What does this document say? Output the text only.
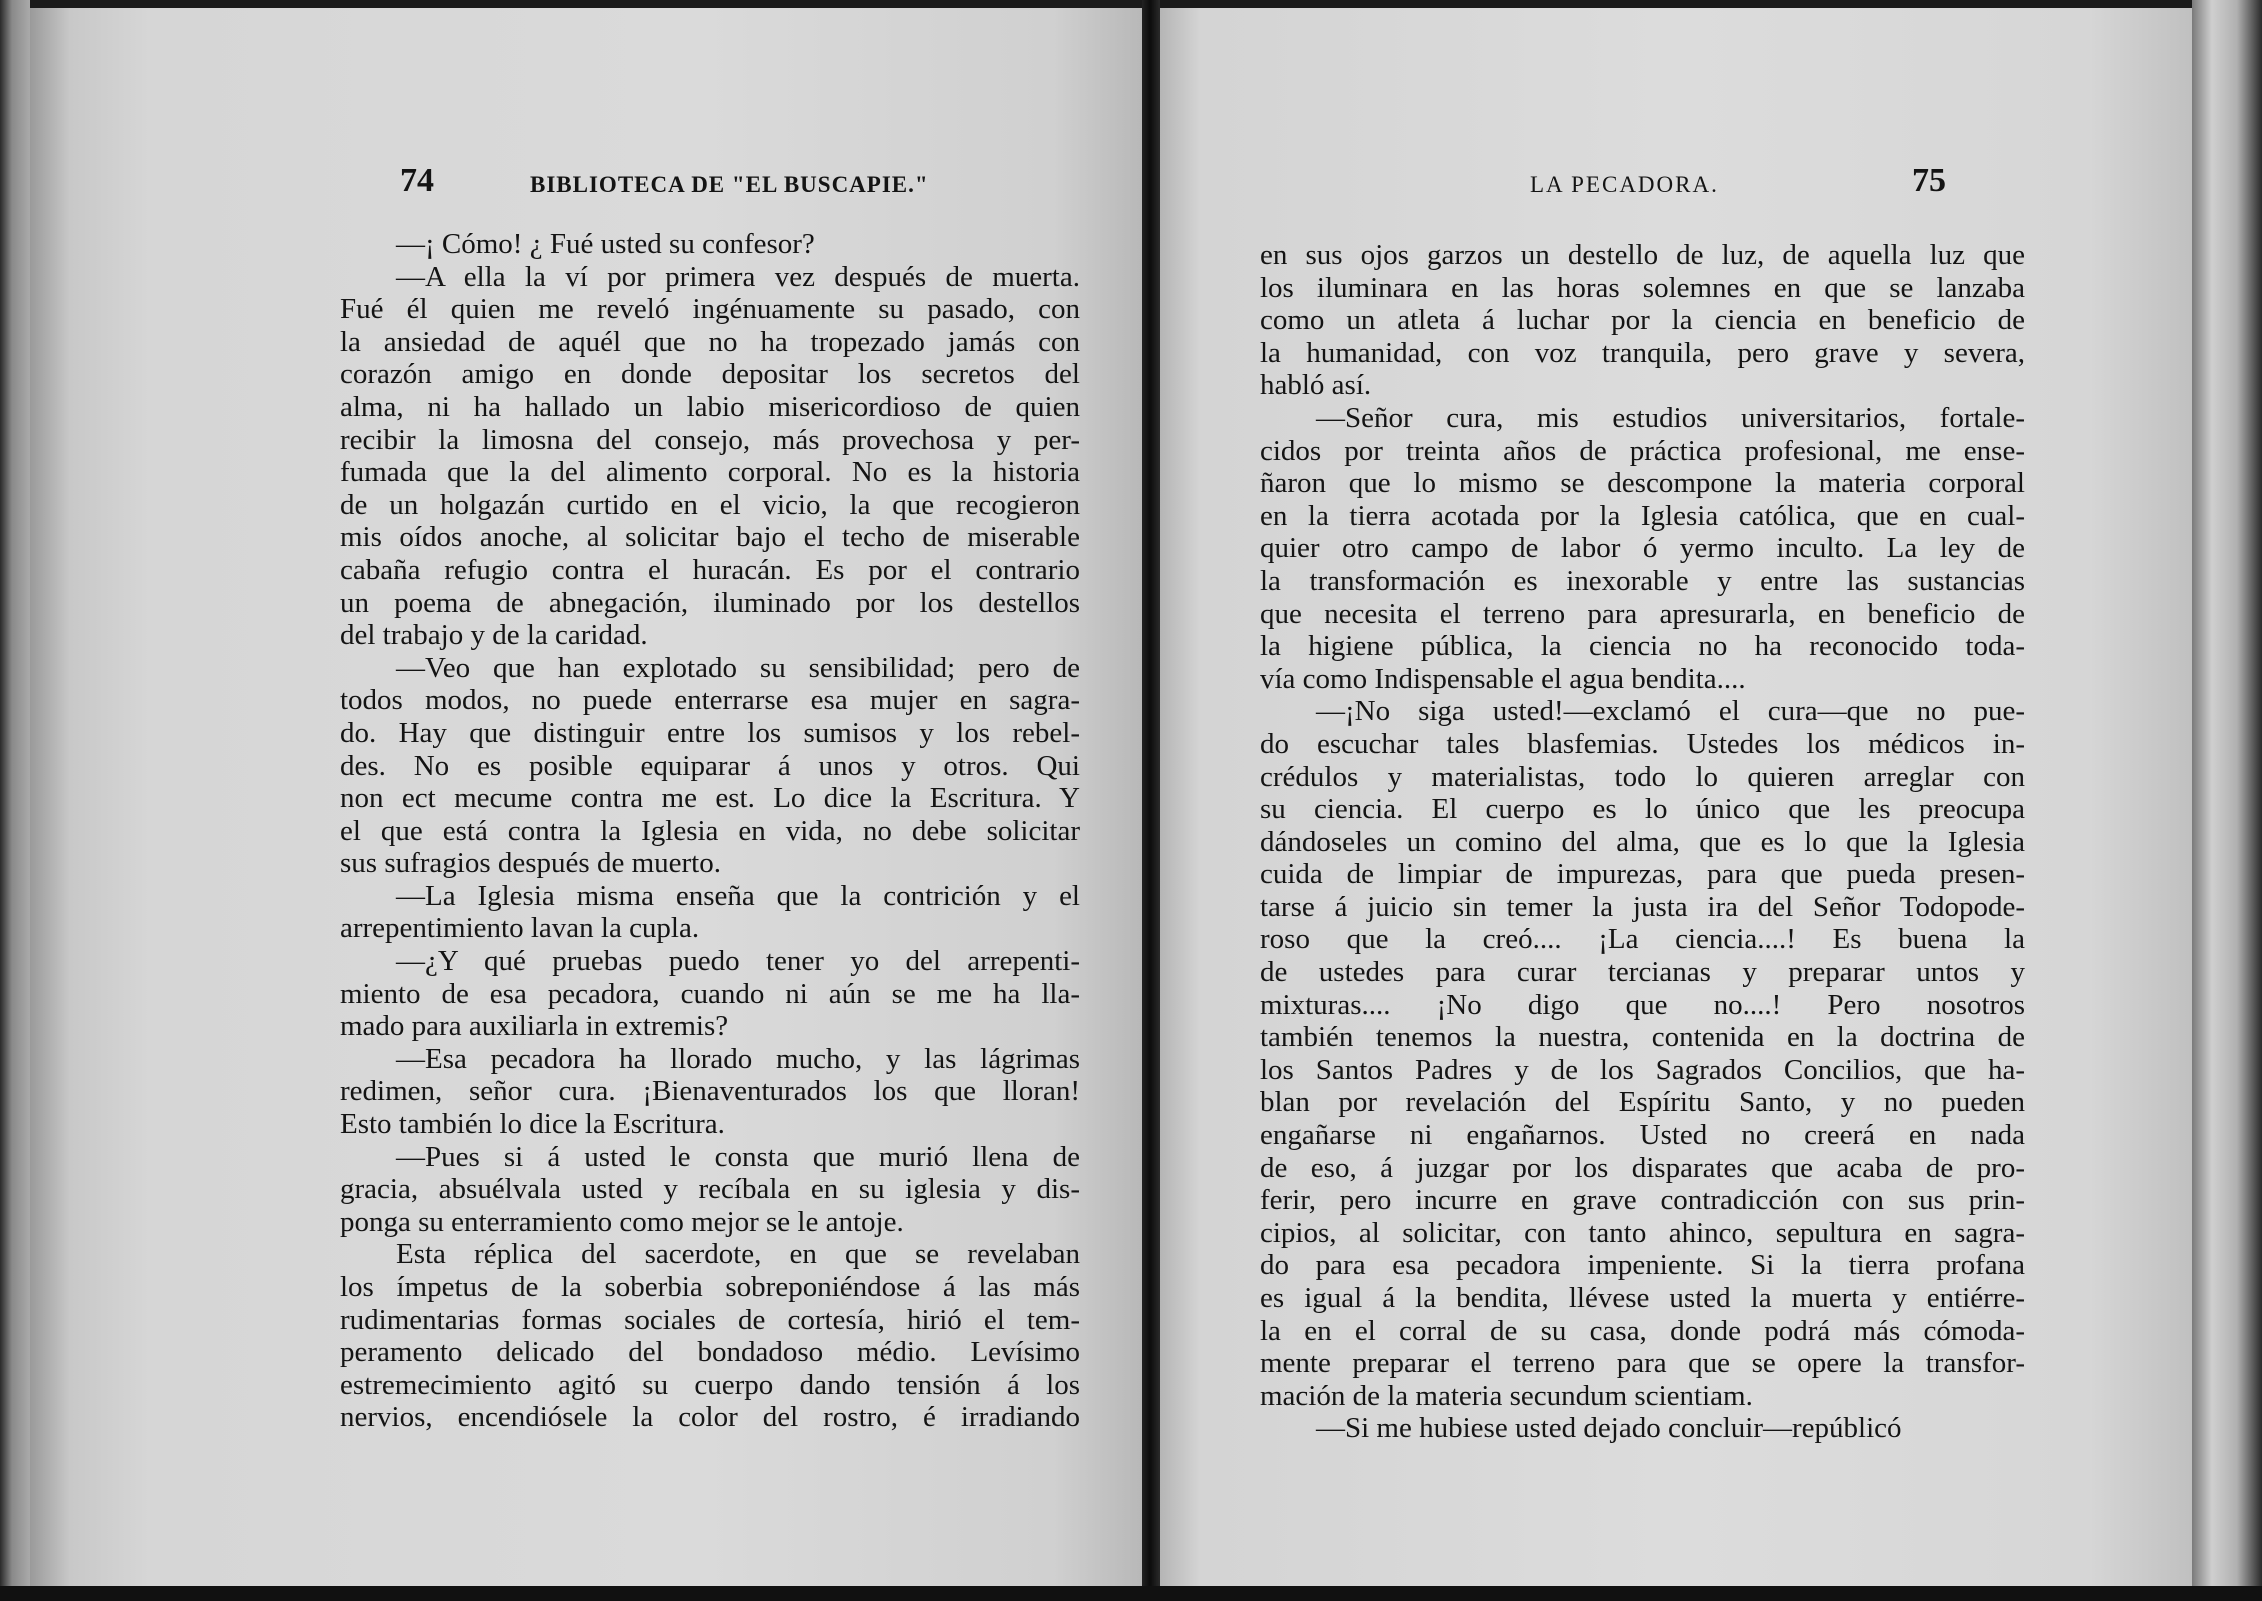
74	BIBLIOTECA DE "EL BUSCAPIE."
—¡ Cómo! ¿ Fué usted su confesor?
—A ella la ví por primera vez después de muerta.
Fué él quien me reveló ingénuamente su pasado, con
la ansiedad de aquél que no ha tropezado jamás con
corazón amigo en donde depositar los secretos del
alma, ni ha hallado un labio misericordioso de quien
recibir la limosna del consejo, más provechosa y per-
fumada que la del alimento corporal. No es la historia
de un holgazán curtido en el vicio, la que recogieron
mis oídos anoche, al solicitar bajo el techo de miserable
cabaña refugio contra el huracán. Es por el contrario
un poema de abnegación, iluminado por los destellos
del trabajo y de la caridad.
—Veo que han explotado su sensibilidad; pero de
todos modos, no puede enterrarse esa mujer en sagra-
do. Hay que distinguir entre los sumisos y los rebel-
des. No es posible equiparar á unos y otros. Qui
non ect mecume contra me est. Lo dice la Escritura. Y
el que está contra la Iglesia en vida, no debe solicitar
sus sufragios después de muerto.
—La Iglesia misma enseña que la contrición y el
arrepentimiento lavan la cupla.
—¿Y qué pruebas puedo tener yo del arrepenti-
miento de esa pecadora, cuando ni aún se me ha lla-
mado para auxiliarla in extremis?
—Esa pecadora ha llorado mucho, y las lágrimas
redimen, señor cura. ¡Bienaventurados los que lloran!
Esto también lo dice la Escritura.
—Pues si á usted le consta que murió llena de
gracia, absuélvala usted y recíbala en su iglesia y dis-
ponga su enterramiento como mejor se le antoje.
Esta réplica del sacerdote, en que se revelaban
los ímpetus de la soberbia sobreponiéndose á las más
rudimentarias formas sociales de cortesía, hirió el tem-
peramento delicado del bondadoso médio. Levísimo
estremecimiento agitó su cuerpo dando tensión á los
nervios, encendiósele la color del rostro, é irradiando
LA PECADORA.	75
en sus ojos garzos un destello de luz, de aquella luz que
los iluminara en las horas solemnes en que se lanzaba
como un atleta á luchar por la ciencia en beneficio de
la humanidad, con voz tranquila, pero grave y severa,
habló así.
—Señor cura, mis estudios universitarios, fortale-
cidos por treinta años de práctica profesional, me ense-
ñaron que lo mismo se descompone la materia corporal
en la tierra acotada por la Iglesia católica, que en cual-
quier otro campo de labor ó yermo inculto. La ley de
la transformación es inexorable y entre las sustancias
que necesita el terreno para apresurarla, en beneficio de
la higiene pública, la ciencia no ha reconocido toda-
vía como Indispensable el agua bendita....
—¡No siga usted!—exclamó el cura—que no pue-
do escuchar tales blasfemias. Ustedes los médicos in-
crédulos y materialistas, todo lo quieren arreglar con
su ciencia. El cuerpo es lo único que les preocupa
dándoseles un comino del alma, que es lo que la Iglesia
cuida de limpiar de impurezas, para que pueda presen-
tarse á juicio sin temer la justa ira del Señor Todopode-
roso que la creó.... ¡La ciencia....! Es buena la
de ustedes para curar tercianas y preparar untos y
mixturas.... ¡No digo que no....! Pero nosotros
también tenemos la nuestra, contenida en la doctrina de
los Santos Padres y de los Sagrados Concilios, que ha-
blan por revelación del Espíritu Santo, y no pueden
engañarse ni engañarnos. Usted no creerá en nada
de eso, á juzgar por los disparates que acaba de pro-
ferir, pero incurre en grave contradicción con sus prin-
cipios, al solicitar, con tanto ahinco, sepultura en sagra-
do para esa pecadora impeniente. Si la tierra profana
es igual á la bendita, llévese usted la muerta y entiérre-
la en el corral de su casa, donde podrá más cómoda-
mente preparar el terreno para que se opere la transfor-
mación de la materia secundum scientiam.
—Si me hubiese usted dejado concluir—repúblicó
